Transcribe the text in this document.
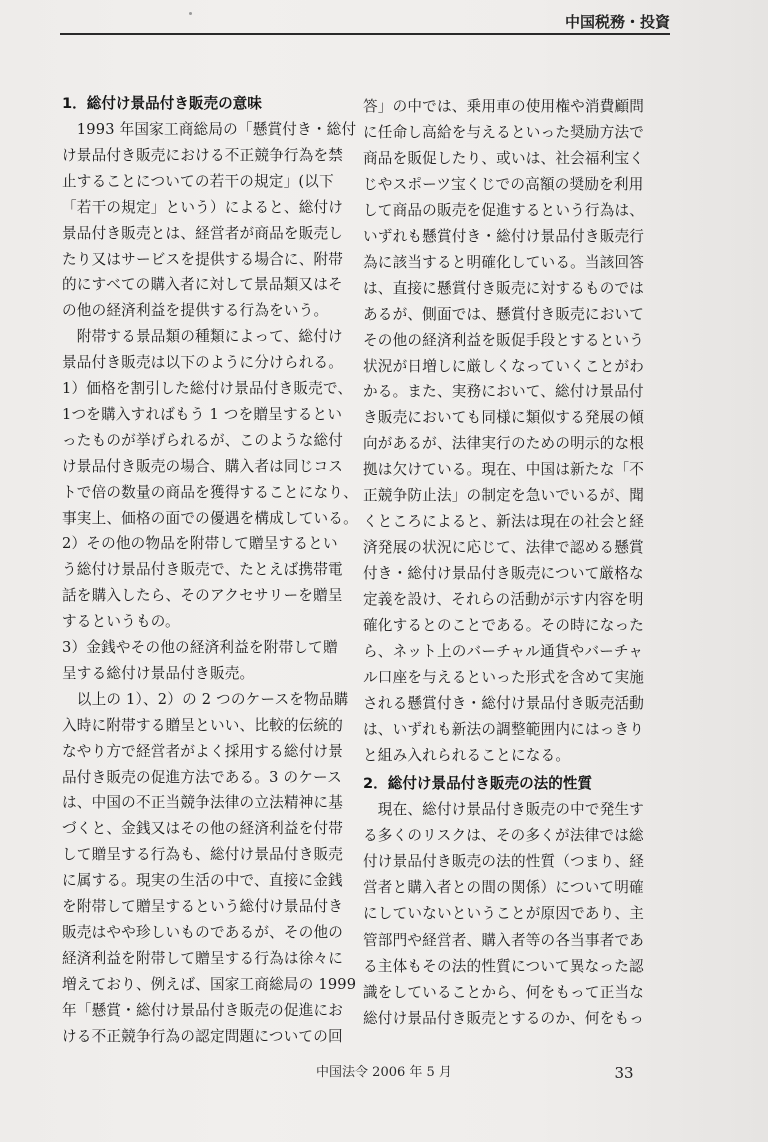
中国税務・投資
1．総付け景品付き販売の意味
　1993 年国家工商総局の「懸賞付き・総付
け景品付き販売における不正競争行為を禁
止することについての若干の規定」(以下
「若干の規定」という）によると、総付け
景品付き販売とは、経営者が商品を販売し
たり又はサービスを提供する場合に、附帯
的にすべての購入者に対して景品類又はそ
の他の経済利益を提供する行為をいう。
　附帯する景品類の種類によって、総付け
景品付き販売は以下のように分けられる。
1）価格を割引した総付け景品付き販売で、
1つを購入すればもう 1 つを贈呈するとい
ったものが挙げられるが、このような総付
け景品付き販売の場合、購入者は同じコス
トで倍の数量の商品を獲得することになり、
事実上、価格の面での優遇を構成している。
2）その他の物品を附帯して贈呈するとい
う総付け景品付き販売で、たとえば携帯電
話を購入したら、そのアクセサリーを贈呈
するというもの。
3）金銭やその他の経済利益を附帯して贈
呈する総付け景品付き販売。
　以上の 1）、2）の 2 つのケースを物品購
入時に附帯する贈呈といい、比較的伝統的
なやり方で経営者がよく採用する総付け景
品付き販売の促進方法である。3 のケース
は、中国の不正当競争法律の立法精神に基
づくと、金銭又はその他の経済利益を付帯
して贈呈する行為も、総付け景品付き販売
に属する。現実の生活の中で、直接に金銭
を附帯して贈呈するという総付け景品付き
販売はやや珍しいものであるが、その他の
経済利益を附帯して贈呈する行為は徐々に
増えており、例えば、国家工商総局の 1999
年「懸賞・総付け景品付き販売の促進にお
ける不正競争行為の認定問題についての回
答」の中では、乗用車の使用権や消費顧問
に任命し高給を与えるといった奨励方法で
商品を販促したり、或いは、社会福利宝く
じやスポーツ宝くじでの高額の奨励を利用
して商品の販売を促進するという行為は、
いずれも懸賞付き・総付け景品付き販売行
為に該当すると明確化している。当該回答
は、直接に懸賞付き販売に対するものでは
あるが、側面では、懸賞付き販売において
その他の経済利益を販促手段とするという
状況が日増しに厳しくなっていくことがわ
かる。また、実務において、総付け景品付
き販売においても同様に類似する発展の傾
向があるが、法律実行のための明示的な根
拠は欠けている。現在、中国は新たな「不
正競争防止法」の制定を急いでいるが、聞
くところによると、新法は現在の社会と経
済発展の状況に応じて、法律で認める懸賞
付き・総付け景品付き販売について厳格な
定義を設け、それらの活動が示す内容を明
確化するとのことである。その時になった
ら、ネット上のバーチャル通貨やバーチャ
ル口座を与えるといった形式を含めて実施
される懸賞付き・総付け景品付き販売活動
は、いずれも新法の調整範囲内にはっきり
と組み入れられることになる。
2．総付け景品付き販売の法的性質
　現在、総付け景品付き販売の中で発生す
る多くのリスクは、その多くが法律では総
付け景品付き販売の法的性質（つまり、経
営者と購入者との間の関係）について明確
にしていないということが原因であり、主
管部門や経営者、購入者等の各当事者であ
る主体もその法的性質について異なった認
識をしていることから、何をもって正当な
総付け景品付き販売とするのか、何をもっ
中国法令 2006 年 5 月	33
